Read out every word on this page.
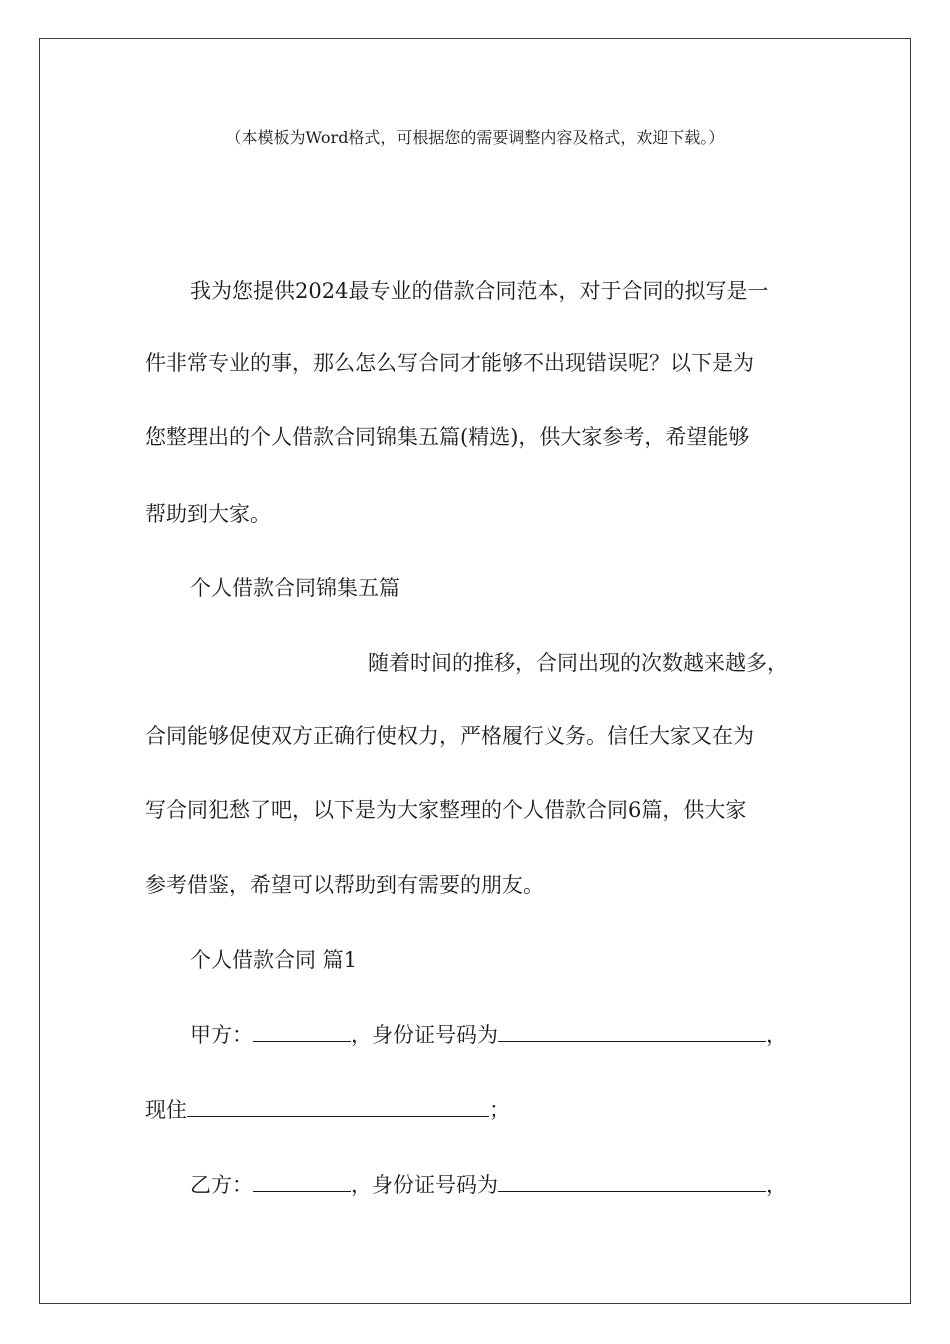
（本模板为Word格式，可根据您的需要调整内容及格式，欢迎下载。）
我为您提供2024最专业的借款合同范本，对于合同的拟写是一
件非常专业的事，那么怎么写合同才能够不出现错误呢？以下是为
您整理出的个人借款合同锦集五篇(精选)，供大家参考，希望能够
帮助到大家。
个人借款合同锦集五篇
随着时间的推移，合同出现的次数越来越多，
合同能够促使双方正确行使权力，严格履行义务。信任大家又在为
写合同犯愁了吧，以下是为大家整理的个人借款合同6篇，供大家
参考借鉴，希望可以帮助到有需要的朋友。
个人借款合同 篇1
甲方：	，身份证号码为	，
现住	；
乙方：	，身份证号码为	，
